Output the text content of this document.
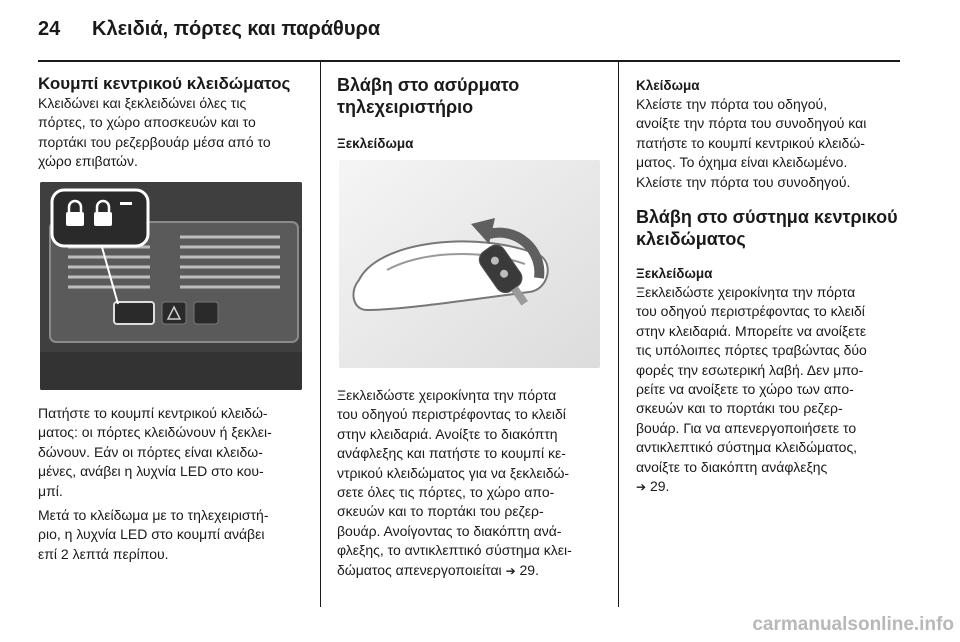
24 Κλειδιά, πόρτες και παράθυρα
Κουμπί κεντρικού κλειδώματος

Κλειδώνει και ξεκλειδώνει όλες τις
πόρτες, το χώρο αποσκευών και το
πορτάκι του ρεζερβουάρ μέσα από το
χώρο επιβατών.

Πατήστε το κουμπί κεντρικού κλειδώ-
ματος: οι πόρτες κλειδώνουν ή ξεκλει-
δώνουν. Εάν οι πόρτες είναι κλειδω-
μένες, ανάβει η λυχνία LED στο κου-
μπί.

Μετά το κλείδωμα με το τηλεχειριστή-
ριο, η λυχνία LED στο κουμπί ανάβει
επί 2 λεπτά περίπου.

Βλάβη στο ασύρματο
τηλεχειριστήριο
Ξεκλείδωμα

Ξεκλειδώστε χειροκίνητα την πόρτα
του οδηγού περιστρέφοντας το κλειδί
στην κλειδαριά. Ανοίξτε το διακόπτη
ανάφλεξης και πατήστε το κουμπί κε-
ντρικού κλειδώματος για να ξεκλειδώ-
σετε όλες τις πόρτες, το χώρο απο-
σκευών και το πορτάκι του ρεζερ-
βουάρ. Ανοίγοντας το διακόπτη ανά-
φλεξης, το αντικλεπτικό σύστημα κλει-
δώματος απενεργοποιείται ➔ 29.

Κλείδωμα

Κλείστε την πόρτα του οδηγού,
ανοίξτε την πόρτα του συνοδηγού και
πατήστε το κουμπί κεντρικού κλειδώ-
ματος. Το όχημα είναι κλειδωμένο.
Κλείστε την πόρτα του συνοδηγού.

Βλάβη στο σύστημα κεντρικού
κλειδώματος
Ξεκλείδωμα

Ξεκλειδώστε χειροκίνητα την πόρτα
του οδηγού περιστρέφοντας το κλειδί
στην κλειδαριά. Μπορείτε να ανοίξετε
τις υπόλοιπες πόρτες τραβώντας δύο
φορές την εσωτερική λαβή. Δεν μπο-
ρείτε να ανοίξετε το χώρο των απο-
σκευών και το πορτάκι του ρεζερ-
βουάρ. Για να απενεργοποιήσετε το
αντικλεπτικό σύστημα κλειδώματος,
ανοίξτε το διακόπτη ανάφλεξης
➔ 29.

carmanualsonline.info
